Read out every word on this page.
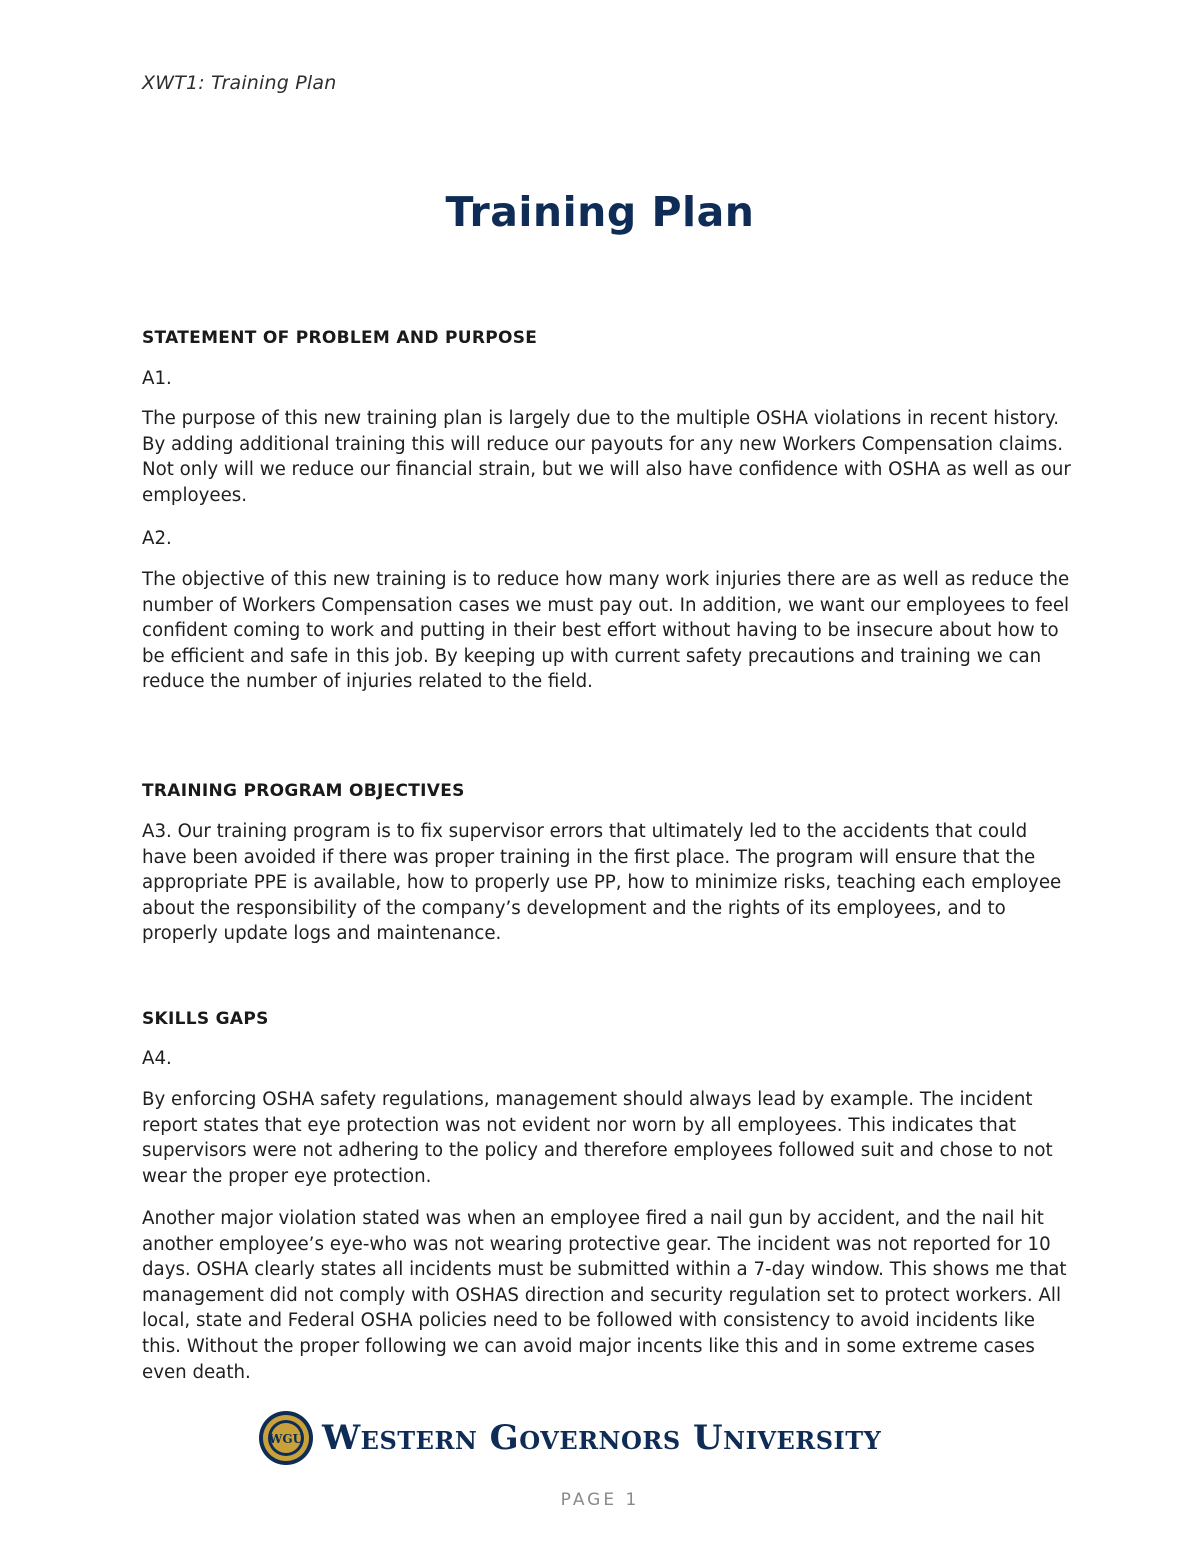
XWT1: Training Plan
Training Plan
STATEMENT OF PROBLEM AND PURPOSE
A1.
The purpose of this new training plan is largely due to the multiple OSHA violations in recent history. By adding additional training this will reduce our payouts for any new Workers Compensation claims. Not only will we reduce our financial strain, but we will also have confidence with OSHA as well as our employees.
A2.
The objective of this new training is to reduce how many work injuries there are as well as reduce the number of Workers Compensation cases we must pay out. In addition, we want our employees to feel confident coming to work and putting in their best effort without having to be insecure about how to be efficient and safe in this job. By keeping up with current safety precautions and training we can reduce the number of injuries related to the field.
TRAINING PROGRAM OBJECTIVES
A3. Our training program is to fix supervisor errors that ultimately led to the accidents that could have been avoided if there was proper training in the first place. The program will ensure that the appropriate PPE is available, how to properly use PP, how to minimize risks, teaching each employee about the responsibility of the company’s development and the rights of its employees, and to properly update logs and maintenance.
SKILLS GAPS
A4.
By enforcing OSHA safety regulations, management should always lead by example. The incident report states that eye protection was not evident nor worn by all employees. This indicates that supervisors were not adhering to the policy and therefore employees followed suit and chose to not wear the proper eye protection.
Another major violation stated was when an employee fired a nail gun by accident, and the nail hit another employee’s eye-who was not wearing protective gear. The incident was not reported for 10 days. OSHA clearly states all incidents must be submitted within a 7-day window. This shows me that management did not comply with OSHAS direction and security regulation set to protect workers. All local, state and Federal OSHA policies need to be followed with consistency to avoid incidents like this. Without the proper following we can avoid major incents like this and in some extreme cases even death.
WGU Western Governors University
PAGE 1
